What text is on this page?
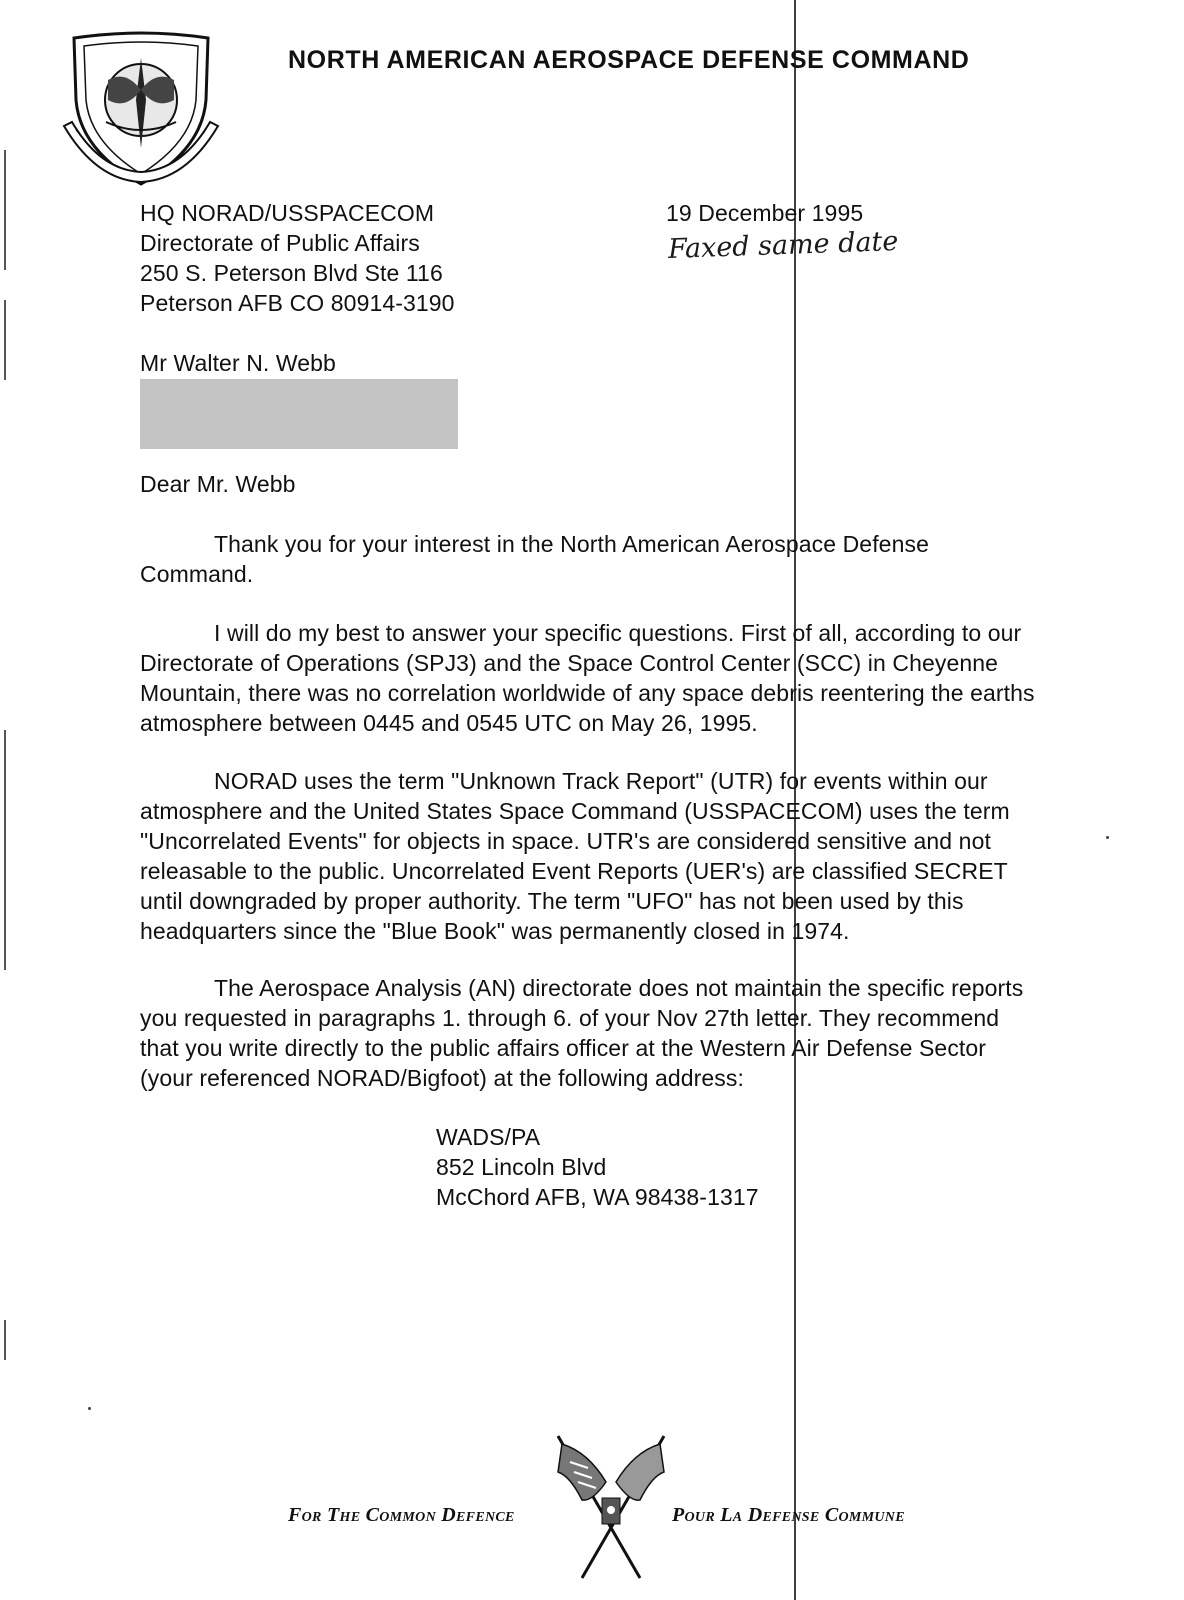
NORTH AMERICAN AEROSPACE DEFENSE COMMAND
HQ NORAD/USSPACECOM
Directorate of Public Affairs
250 S. Peterson Blvd Ste 116
Peterson AFB CO 80914-3190
19 December 1995
Faxed same date
Mr Walter N. Webb
Dear Mr. Webb
Thank you for your interest in the North American Aerospace Defense
Command.
I will do my best to answer your specific questions. First of all, according to our
Directorate of Operations (SPJ3) and the Space Control Center (SCC) in Cheyenne
Mountain, there was no correlation worldwide of any space debris reentering the earths
atmosphere between 0445 and 0545 UTC on May 26, 1995.
NORAD uses the term "Unknown Track Report" (UTR) for events within our
atmosphere and the United States Space Command (USSPACECOM) uses the term
"Uncorrelated Events" for objects in space. UTR's are considered sensitive and not
releasable to the public. Uncorrelated Event Reports (UER's) are classified SECRET
until downgraded by proper authority. The term "UFO" has not been used by this
headquarters since the "Blue Book" was permanently closed in 1974.
The Aerospace Analysis (AN) directorate does not maintain the specific reports
you requested in paragraphs 1. through 6. of your Nov 27th letter. They recommend
that you write directly to the public affairs officer at the Western Air Defense Sector
(your referenced NORAD/Bigfoot) at the following address:
WADS/PA
852 Lincoln Blvd
McChord AFB, WA 98438-1317
For The Common Defence	Pour La Defense Commune
